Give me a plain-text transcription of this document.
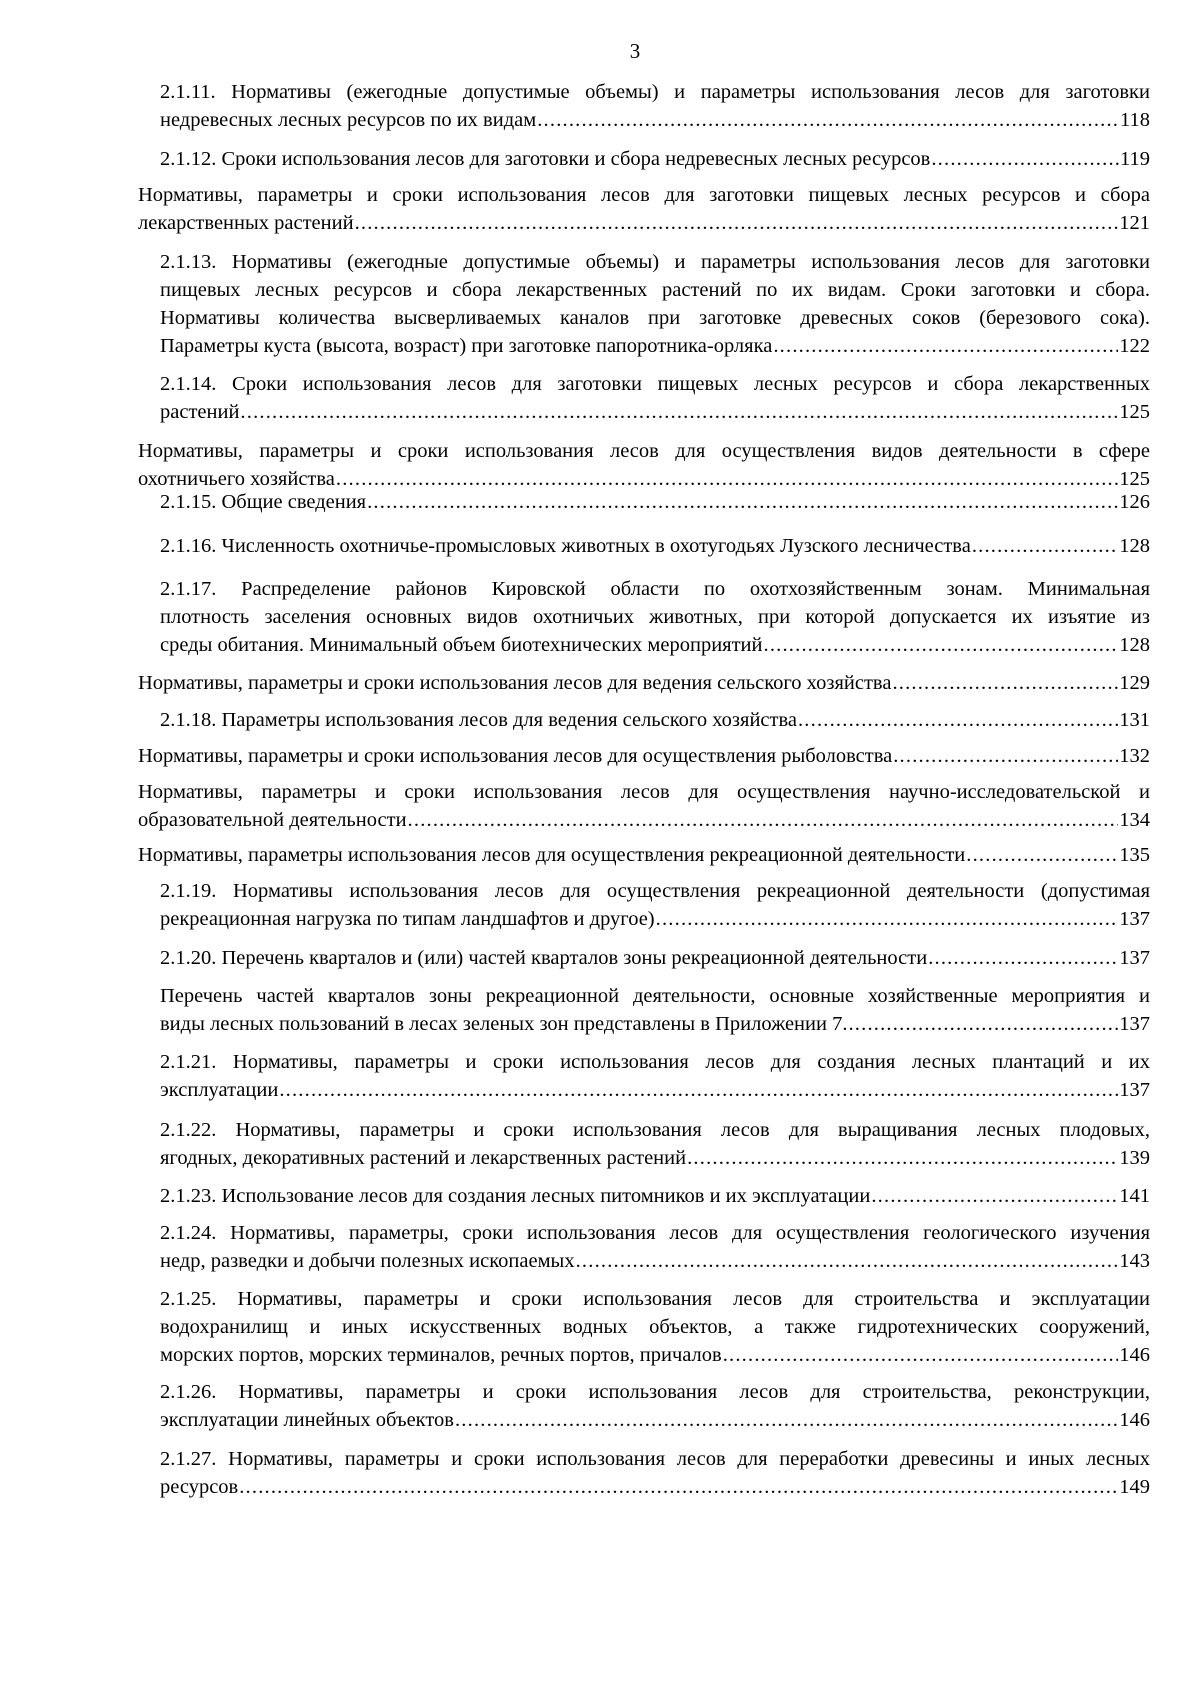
3
2.1.11. Нормативы (ежегодные допустимые объемы) и параметры использования лесов для заготовки
недревесных лесных ресурсов по их видам .....	118
2.1.12. Сроки использования лесов для заготовки и сбора недревесных лесных ресурсов .....	119
Нормативы, параметры и сроки использования лесов для заготовки пищевых лесных ресурсов и сбора
лекарственных растений .....	121
2.1.13. Нормативы (ежегодные допустимые объемы) и параметры использования лесов для заготовки
пищевых лесных ресурсов и сбора лекарственных растений по их видам. Сроки заготовки и сбора.
Нормативы количества высверливаемых каналов при заготовке древесных соков (березового сока).
Параметры куста (высота, возраст) при заготовке папоротника-орляка .....	122
2.1.14. Сроки использования лесов для заготовки пищевых лесных ресурсов и сбора лекарственных
растений .....	125
Нормативы, параметры и сроки использования лесов для осуществления видов деятельности в сфере
охотничьего хозяйства .....	125
2.1.15. Общие сведения .....	126
2.1.16. Численность охотничье-промысловых животных в охотугодьях Лузского лесничества .....	128
2.1.17. Распределение районов Кировской области по охотхозяйственным зонам. Минимальная
плотность заселения основных видов охотничьих животных, при которой допускается их изъятие из
среды обитания. Минимальный объем биотехнических мероприятий .....	128
Нормативы, параметры и сроки использования лесов для ведения сельского хозяйства .....	129
2.1.18. Параметры использования лесов для ведения сельского хозяйства .....	131
Нормативы, параметры и сроки использования лесов для осуществления рыболовства .....	132
Нормативы, параметры и сроки использования лесов для осуществления научно-исследовательской и
образовательной деятельности .....	134
Нормативы, параметры использования лесов для осуществления рекреационной деятельности .....	135
2.1.19. Нормативы использования лесов для осуществления рекреационной деятельности (допустимая
рекреационная нагрузка по типам ландшафтов и другое) .....	137
2.1.20. Перечень кварталов и (или) частей кварталов зоны рекреационной деятельности .....	137
Перечень частей кварталов зоны рекреационной деятельности, основные хозяйственные мероприятия и
виды лесных пользований в лесах зеленых зон представлены в Приложении 7. .....	137
2.1.21. Нормативы, параметры и сроки использования лесов для создания лесных плантаций и их
эксплуатации .....	137
2.1.22. Нормативы, параметры и сроки использования лесов для выращивания лесных плодовых,
ягодных, декоративных растений и лекарственных растений .....	139
2.1.23. Использование лесов для создания лесных питомников и их эксплуатации .....	141
2.1.24. Нормативы, параметры, сроки использования лесов для осуществления геологического изучения
недр, разведки и добычи полезных ископаемых .....	143
2.1.25. Нормативы, параметры и сроки использования лесов для строительства и эксплуатации
водохранилищ и иных искусственных водных объектов, а также гидротехнических сооружений,
морских портов, морских терминалов, речных портов, причалов .....	146
2.1.26. Нормативы, параметры и сроки использования лесов для строительства, реконструкции,
эксплуатации линейных объектов .....	146
2.1.27. Нормативы, параметры и сроки использования лесов для переработки древесины и иных лесных
ресурсов .....	149
